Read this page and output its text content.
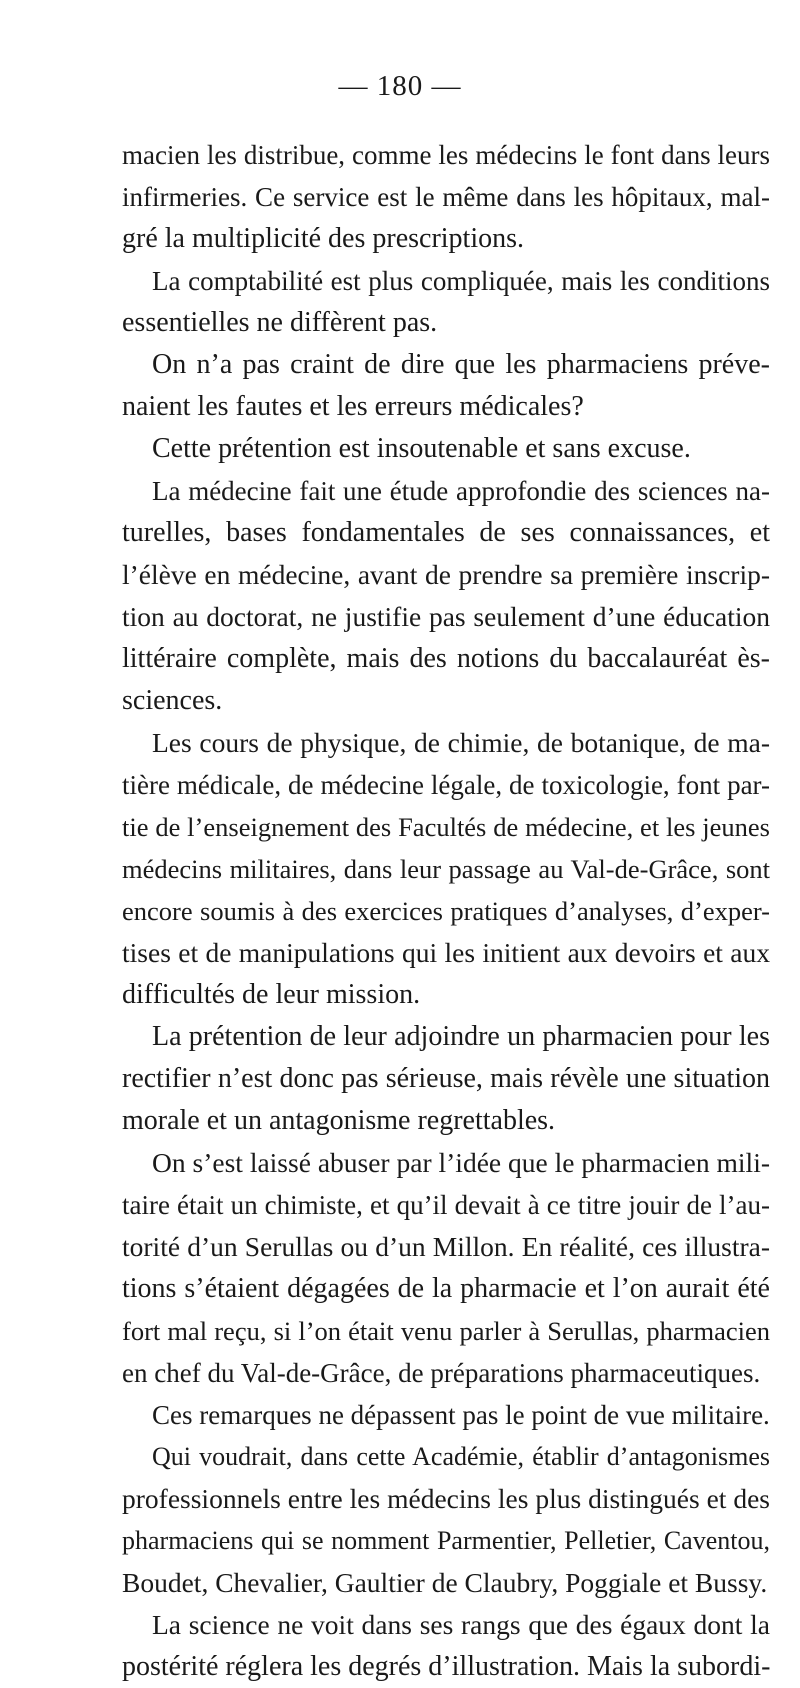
— 180 —
macien les distribue, comme les médecins le font dans leurs
infirmeries. Ce service est le même dans les hôpitaux, mal-
gré la multiplicité des prescriptions.
La comptabilité est plus compliquée, mais les conditions
essentielles ne diffèrent pas.
On n’a pas craint de dire que les pharmaciens préve-
naient les fautes et les erreurs médicales?
Cette prétention est insoutenable et sans excuse.
La médecine fait une étude approfondie des sciences na-
turelles, bases fondamentales de ses connaissances, et
l’élève en médecine, avant de prendre sa première inscrip-
tion au doctorat, ne justifie pas seulement d’une éducation
littéraire complète, mais des notions du baccalauréat ès-
sciences.
Les cours de physique, de chimie, de botanique, de ma-
tière médicale, de médecine légale, de toxicologie, font par-
tie de l’enseignement des Facultés de médecine, et les jeunes
médecins militaires, dans leur passage au Val-de-Grâce, sont
encore soumis à des exercices pratiques d’analyses, d’exper-
tises et de manipulations qui les initient aux devoirs et aux
difficultés de leur mission.
La prétention de leur adjoindre un pharmacien pour les
rectifier n’est donc pas sérieuse, mais révèle une situation
morale et un antagonisme regrettables.
On s’est laissé abuser par l’idée que le pharmacien mili-
taire était un chimiste, et qu’il devait à ce titre jouir de l’au-
torité d’un Serullas ou d’un Millon. En réalité, ces illustra-
tions s’étaient dégagées de la pharmacie et l’on aurait été
fort mal reçu, si l’on était venu parler à Serullas, pharmacien
en chef du Val-de-Grâce, de préparations pharmaceutiques.
Ces remarques ne dépassent pas le point de vue militaire.
Qui voudrait, dans cette Académie, établir d’antagonismes
professionnels entre les médecins les plus distingués et des
pharmaciens qui se nomment Parmentier, Pelletier, Caventou,
Boudet, Chevalier, Gaultier de Claubry, Poggiale et Bussy.
La science ne voit dans ses rangs que des égaux dont la
postérité réglera les degrés d’illustration. Mais la subordi-
